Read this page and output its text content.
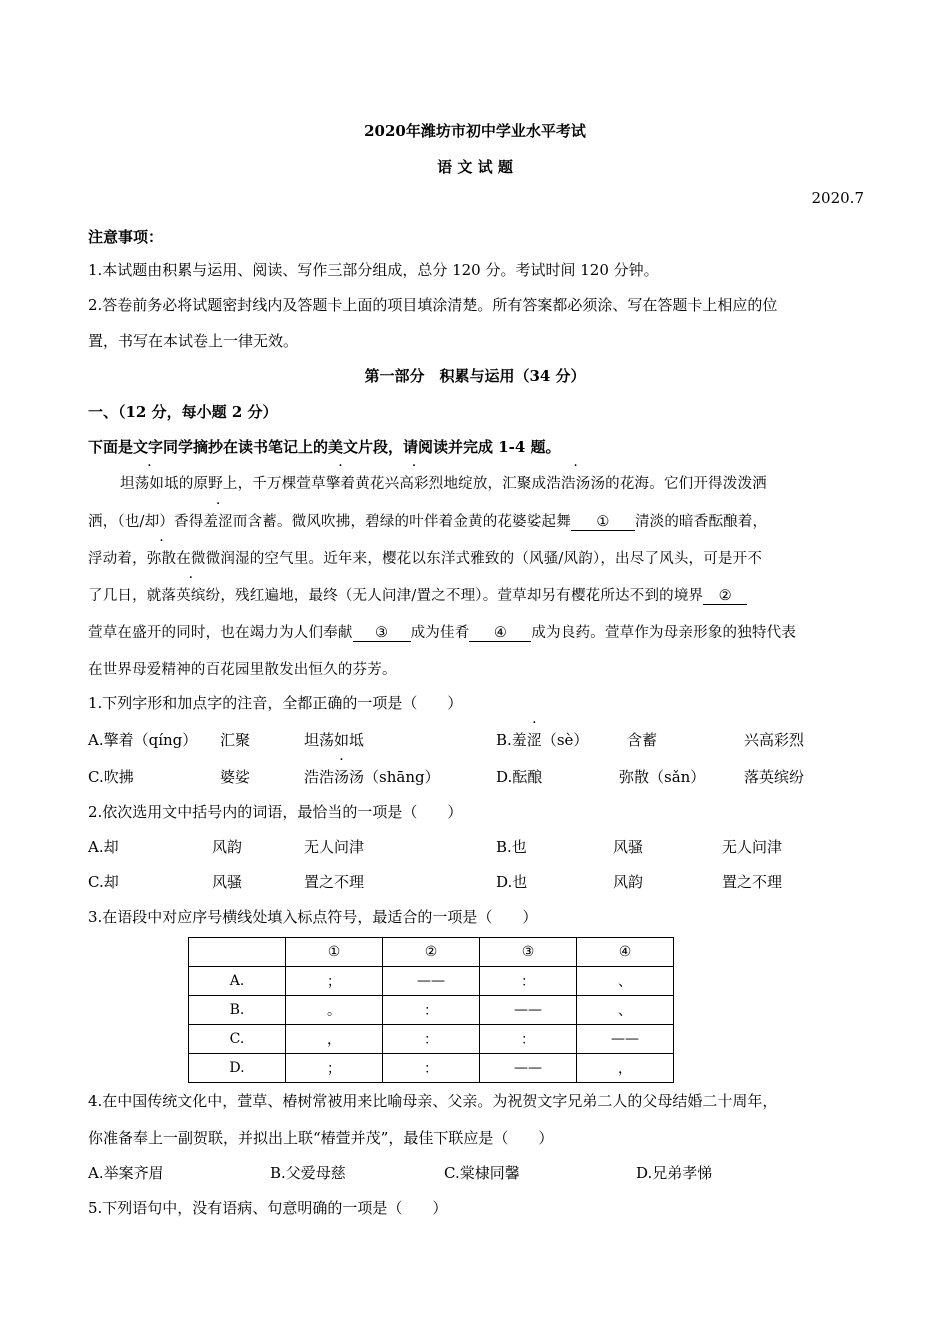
2020年潍坊市初中学业水平考试
语 文 试 题
2020.7
注意事项：
1.本试题由积累与运用、阅读、写作三部分组成，总分 120 分。考试时间 120 分钟。
2.答卷前务必将试题密封线内及答题卡上面的项目填涂清楚。所有答案都必须涂、写在答题卡上相应的位
置，书写在本试卷上一律无效。
第一部分　积累与运用（34 分）
一、（12 分，每小题 2 分）
下面是文字同学摘抄在读书笔记上的美文片段，请阅读并完成 1-4 题。
坦荡如坻的原野上，千万棵萱草擎着黄花兴高彩烈地绽放，汇聚成浩浩汤汤的花海。它们开得泼泼洒
洒，（也/却）香得羞涩而含蓄。微风吹拂，碧绿的叶伴着金黄的花婆娑起舞 ① 清淡的暗香酝酿着，
浮动着，弥散在微微润湿的空气里。近年来，樱花以东洋式雅致的（风骚/风韵），出尽了风头，可是开不
了几日，就落英缤纷，残红遍地，最终（无人问津/置之不理）。萱草却另有樱花所达不到的境界 ②
萱草在盛开的同时，也在竭力为人们奉献 ③ 成为佳肴 ④ 成为良药。萱草作为母亲形象的独特代表
在世界母爱精神的百花园里散发出恒久的芬芳。
1.下列字形和加点字的注音，全都正确的一项是（　　）
A.擎着（qíng） 汇聚	坦荡如坻	B.羞涩（sè）	含蓄	兴高彩烈
C.吹拂	婆娑	浩浩汤汤（shāng）	D.酝酿	弥散（sǎn）	落英缤纷
2.依次选用文中括号内的词语，最恰当的一项是（　　）
A.却	风韵	无人问津	B.也	风骚	无人问津
C.却	风骚	置之不理	D.也	风韵	置之不理
3.在语段中对应序号横线处填入标点符号，最适合的一项是（　　）
	①	②	③	④
A.	；	——	：	、
B.	。	：	——	、
C.	，	：	：	——
D.	；	：	——	，
4.在中国传统文化中，萱草、椿树常被用来比喻母亲、父亲。为祝贺文字兄弟二人的父母结婚二十周年，
你准备奉上一副贺联，并拟出上联“椿萱并茂”，最佳下联应是（　　）
A.举案齐眉	B.父爱母慈	C.棠棣同馨	D.兄弟孝悌
5.下列语句中，没有语病、句意明确的一项是（　　）
